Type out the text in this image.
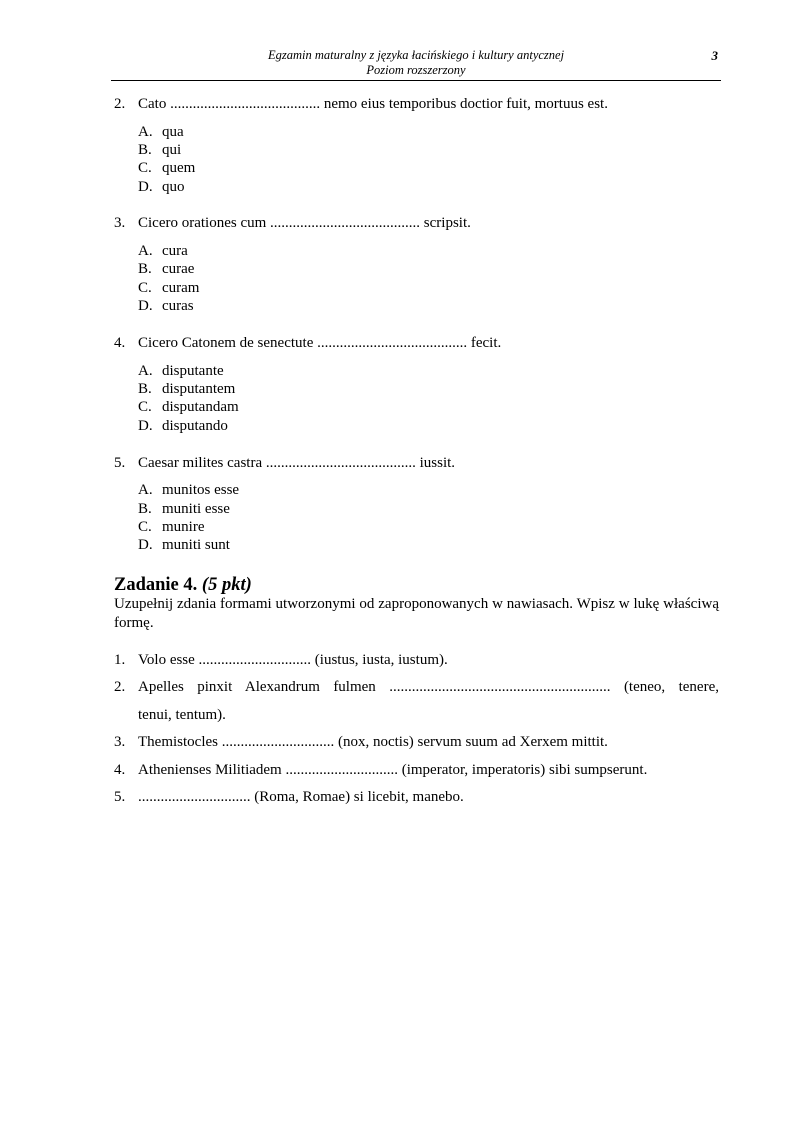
Egzamin maturalny z języka łacińskiego i kultury antycznej
Poziom rozszerzony
3
2. Cato ........................................ nemo eius temporibus doctior fuit, mortuus est.
A. qua
B. qui
C. quem
D. quo
3. Cicero orationes cum ........................................ scripsit.
A. cura
B. curae
C. curam
D. curas
4. Cicero Catonem de senectute ........................................ fecit.
A. disputante
B. disputantem
C. disputandam
D. disputando
5. Caesar milites castra ........................................ iussit.
A. munitos esse
B. muniti esse
C. munire
D. muniti sunt
Zadanie 4. (5 pkt)
Uzupełnij zdania formami utworzonymi od zaproponowanych w nawiasach. Wpisz w lukę właściwą formę.
1. Volo esse .............................. (iustus, iusta, iustum).
2. Apelles pinxit Alexandrum fulmen ........................................................... (teneo, tenere,
tenui, tentum).
3. Themistocles .............................. (nox, noctis) servum suum ad Xerxem mittit.
4. Athenienses Militiadem .............................. (imperator, imperatoris) sibi sumpserunt.
5. .............................. (Roma, Romae) si licebit, manebo.
